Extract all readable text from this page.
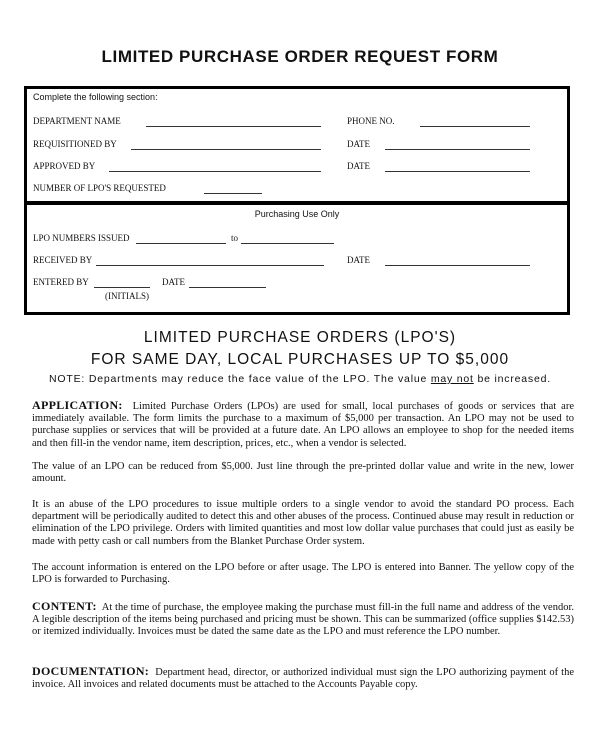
LIMITED PURCHASE ORDER REQUEST FORM
Complete the following section:
DEPARTMENT NAME	PHONE NO.
REQUISITIONED BY	DATE
APPROVED BY	DATE
NUMBER OF LPO'S REQUESTED
Purchasing Use Only
LPO NUMBERS ISSUED	to
RECEIVED BY	DATE
ENTERED BY	DATE
(INITIALS)
LIMITED PURCHASE ORDERS (LPO'S)
FOR SAME DAY, LOCAL PURCHASES UP TO $5,000
NOTE: Departments may reduce the face value of the LPO. The value may not be increased.
APPLICATION: Limited Purchase Orders (LPOs) are used for small, local purchases of goods or services that are immediately available. The form limits the purchase to a maximum of $5,000 per transaction. An LPO may not be used to purchase supplies or services that will be provided at a future date. An LPO allows an employee to shop for the needed items and then fill-in the vendor name, item description, prices, etc., when a vendor is selected.
The value of an LPO can be reduced from $5,000. Just line through the pre-printed dollar value and write in the new, lower amount.
It is an abuse of the LPO procedures to issue multiple orders to a single vendor to avoid the standard PO process. Each department will be periodically audited to detect this and other abuses of the process. Continued abuse may result in reduction or elimination of the LPO privilege. Orders with limited quantities and most low dollar value purchases that could just as easily be made with petty cash or call numbers from the Blanket Purchase Order system.
The account information is entered on the LPO before or after usage. The LPO is entered into Banner. The yellow copy of the LPO is forwarded to Purchasing.
CONTENT: At the time of purchase, the employee making the purchase must fill-in the full name and address of the vendor. A legible description of the items being purchased and pricing must be shown. This can be summarized (office supplies $142.53) or itemized individually. Invoices must be dated the same date as the LPO and must reference the LPO number.
DOCUMENTATION: Department head, director, or authorized individual must sign the LPO authorizing payment of the invoice. All invoices and related documents must be attached to the Accounts Payable copy.
